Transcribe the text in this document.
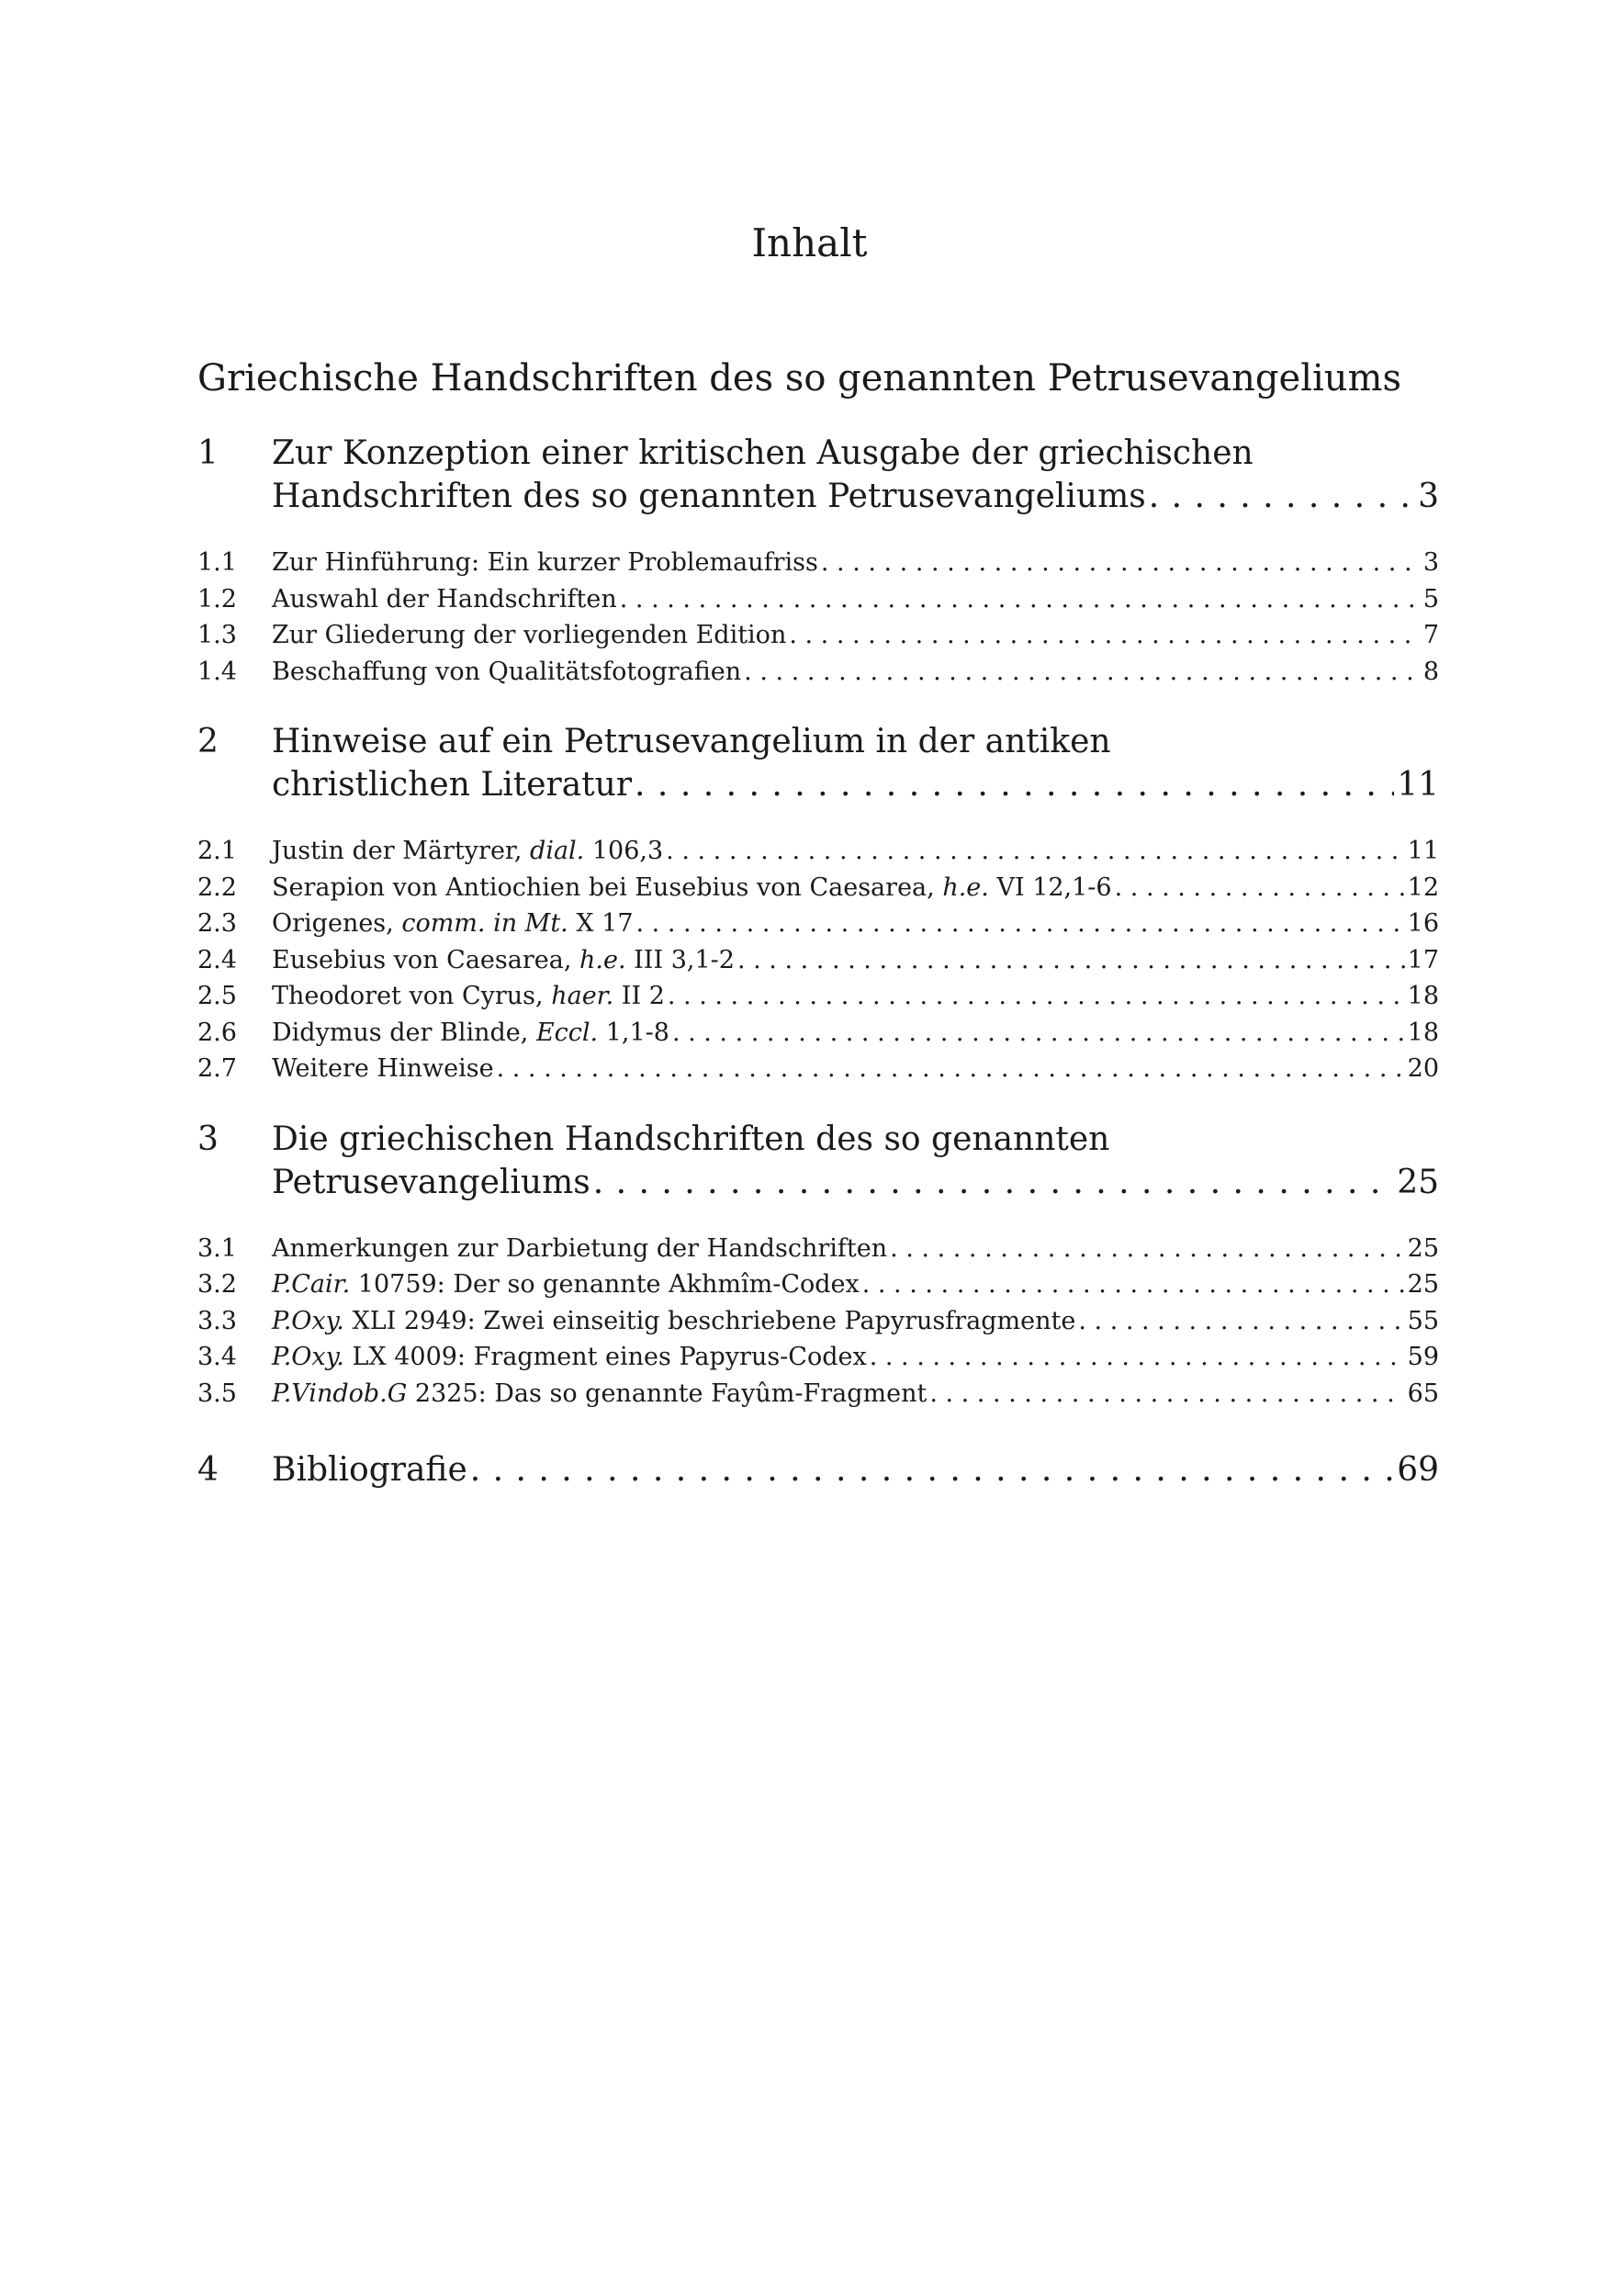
Inhalt
Griechische Handschriften des so genannten Petrusevangeliums
1	Zur Konzeption einer kritischen Ausgabe der griechischen
Handschriften des so genannten Petrusevangeliums . . .	3
1.1 Zur Hinführung: Ein kurzer Problemaufriss . . .	3
1.2 Auswahl der Handschriften . . .	5
1.3 Zur Gliederung der vorliegenden Edition . . .	7
1.4 Beschaffung von Qualitätsfotografien . . .	8
2	Hinweise auf ein Petrusevangelium in der antiken
christlichen Literatur . . .	11
2.1 Justin der Märtyrer, dial. 106,3 . . .	11
2.2 Serapion von Antiochien bei Eusebius von Caesarea, h.e. VI 12,1-6 . . .	12
2.3 Origenes, comm. in Mt. X 17 . . .	16
2.4 Eusebius von Caesarea, h.e. III 3,1-2 . . .	17
2.5 Theodoret von Cyrus, haer. II 2 . . .	18
2.6 Didymus der Blinde, Eccl. 1,1-8 . . .	18
2.7 Weitere Hinweise . . .	20
3	Die griechischen Handschriften des so genannten
Petrusevangeliums . . .	25
3.1 Anmerkungen zur Darbietung der Handschriften . . .	25
3.2 P.Cair. 10759: Der so genannte Akhmîm-Codex . . .	25
3.3 P.Oxy. XLI 2949: Zwei einseitig beschriebene Papyrusfragmente . . .	55
3.4 P.Oxy. LX 4009: Fragment eines Papyrus-Codex . . .	59
3.5 P.Vindob.G 2325: Das so genannte Fayûm-Fragment . . .	65
4 Bibliografie . . .	69
